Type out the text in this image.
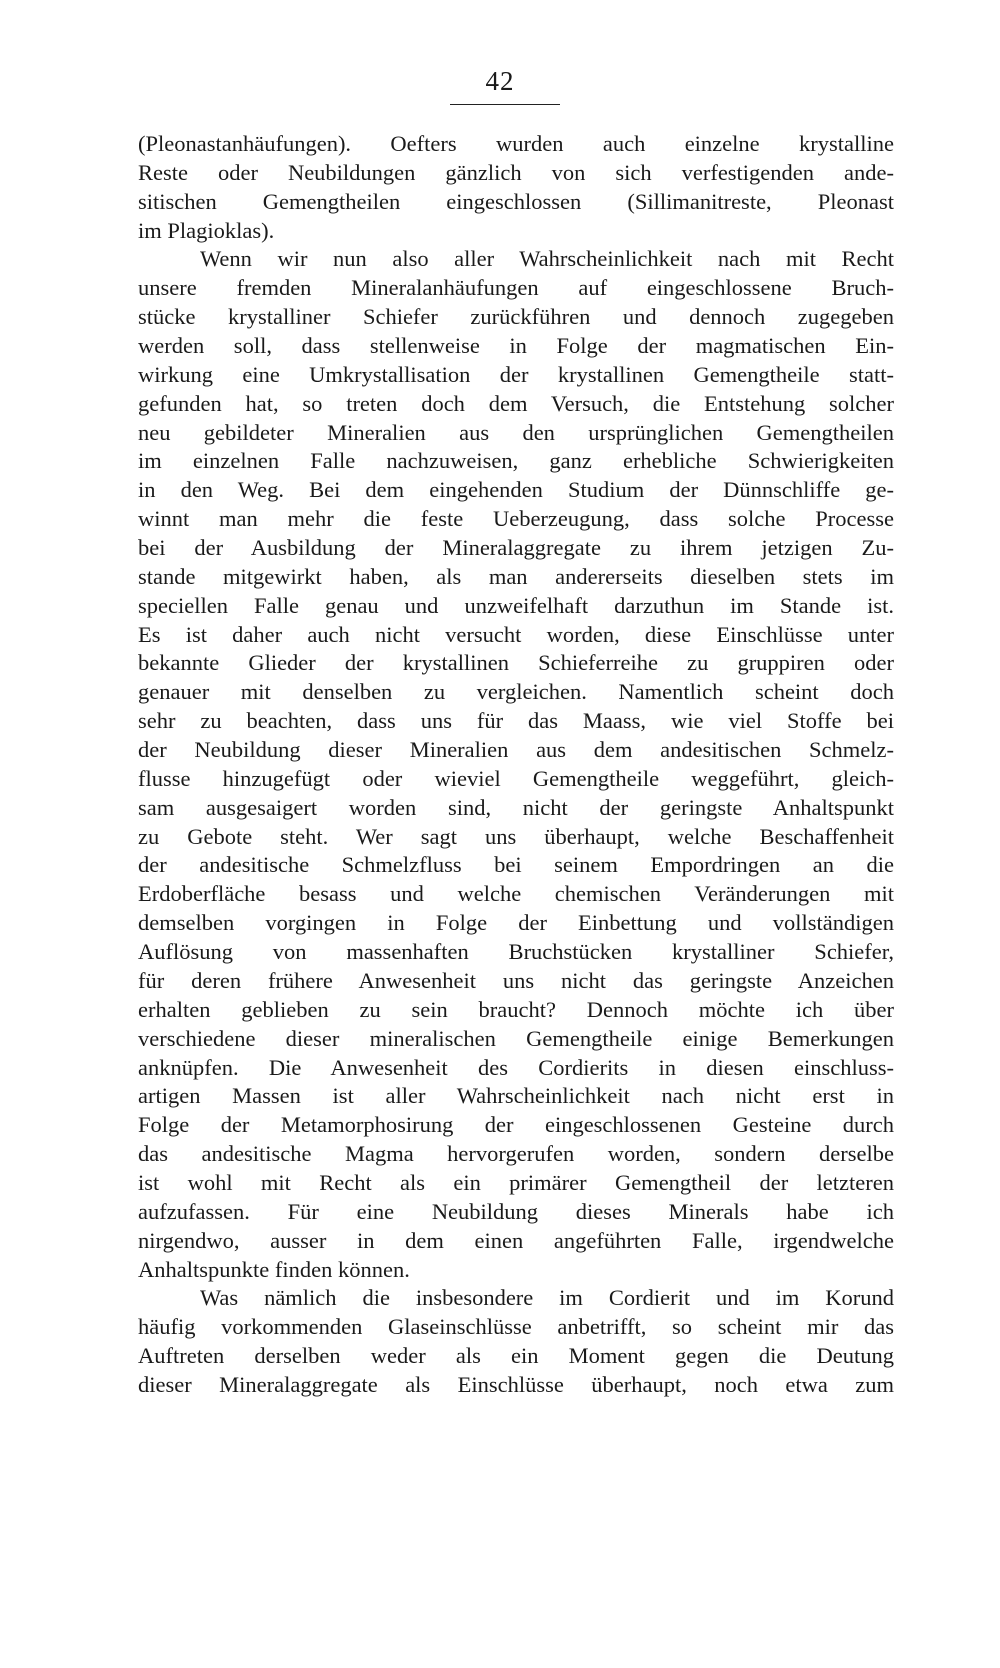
42
(Pleonastanhäufungen). Oefters wurden auch einzelne krystalline
Reste oder Neubildungen gänzlich von sich verfestigenden ande-
sitischen Gemengtheilen eingeschlossen (Sillimanitreste, Pleonast
im Plagioklas).
Wenn wir nun also aller Wahrscheinlichkeit nach mit Recht
unsere fremden Mineralanhäufungen auf eingeschlossene Bruch-
stücke krystalliner Schiefer zurückführen und dennoch zugegeben
werden soll, dass stellenweise in Folge der magmatischen Ein-
wirkung eine Umkrystallisation der krystallinen Gemengtheile statt-
gefunden hat, so treten doch dem Versuch, die Entstehung solcher
neu gebildeter Mineralien aus den ursprünglichen Gemengtheilen
im einzelnen Falle nachzuweisen, ganz erhebliche Schwierigkeiten
in den Weg. Bei dem eingehenden Studium der Dünnschliffe ge-
winnt man mehr die feste Ueberzeugung, dass solche Processe
bei der Ausbildung der Mineralaggregate zu ihrem jetzigen Zu-
stande mitgewirkt haben, als man andererseits dieselben stets im
speciellen Falle genau und unzweifelhaft darzuthun im Stande ist.
Es ist daher auch nicht versucht worden, diese Einschlüsse unter
bekannte Glieder der krystallinen Schieferreihe zu gruppiren oder
genauer mit denselben zu vergleichen. Namentlich scheint doch
sehr zu beachten, dass uns für das Maass, wie viel Stoffe bei
der Neubildung dieser Mineralien aus dem andesitischen Schmelz-
flusse hinzugefügt oder wieviel Gemengtheile weggeführt, gleich-
sam ausgesaigert worden sind, nicht der geringste Anhaltspunkt
zu Gebote steht. Wer sagt uns überhaupt, welche Beschaffenheit
der andesitische Schmelzfluss bei seinem Empordringen an die
Erdoberfläche besass und welche chemischen Veränderungen mit
demselben vorgingen in Folge der Einbettung und vollständigen
Auflösung von massenhaften Bruchstücken krystalliner Schiefer,
für deren frühere Anwesenheit uns nicht das geringste Anzeichen
erhalten geblieben zu sein braucht? Dennoch möchte ich über
verschiedene dieser mineralischen Gemengtheile einige Bemerkungen
anknüpfen. Die Anwesenheit des Cordierits in diesen einschluss-
artigen Massen ist aller Wahrscheinlichkeit nach nicht erst in
Folge der Metamorphosirung der eingeschlossenen Gesteine durch
das andesitische Magma hervorgerufen worden, sondern derselbe
ist wohl mit Recht als ein primärer Gemengtheil der letzteren
aufzufassen. Für eine Neubildung dieses Minerals habe ich
nirgendwo, ausser in dem einen angeführten Falle, irgendwelche
Anhaltspunkte finden können.
Was nämlich die insbesondere im Cordierit und im Korund
häufig vorkommenden Glaseinschlüsse anbetrifft, so scheint mir das
Auftreten derselben weder als ein Moment gegen die Deutung
dieser Mineralaggregate als Einschlüsse überhaupt, noch etwa zum
